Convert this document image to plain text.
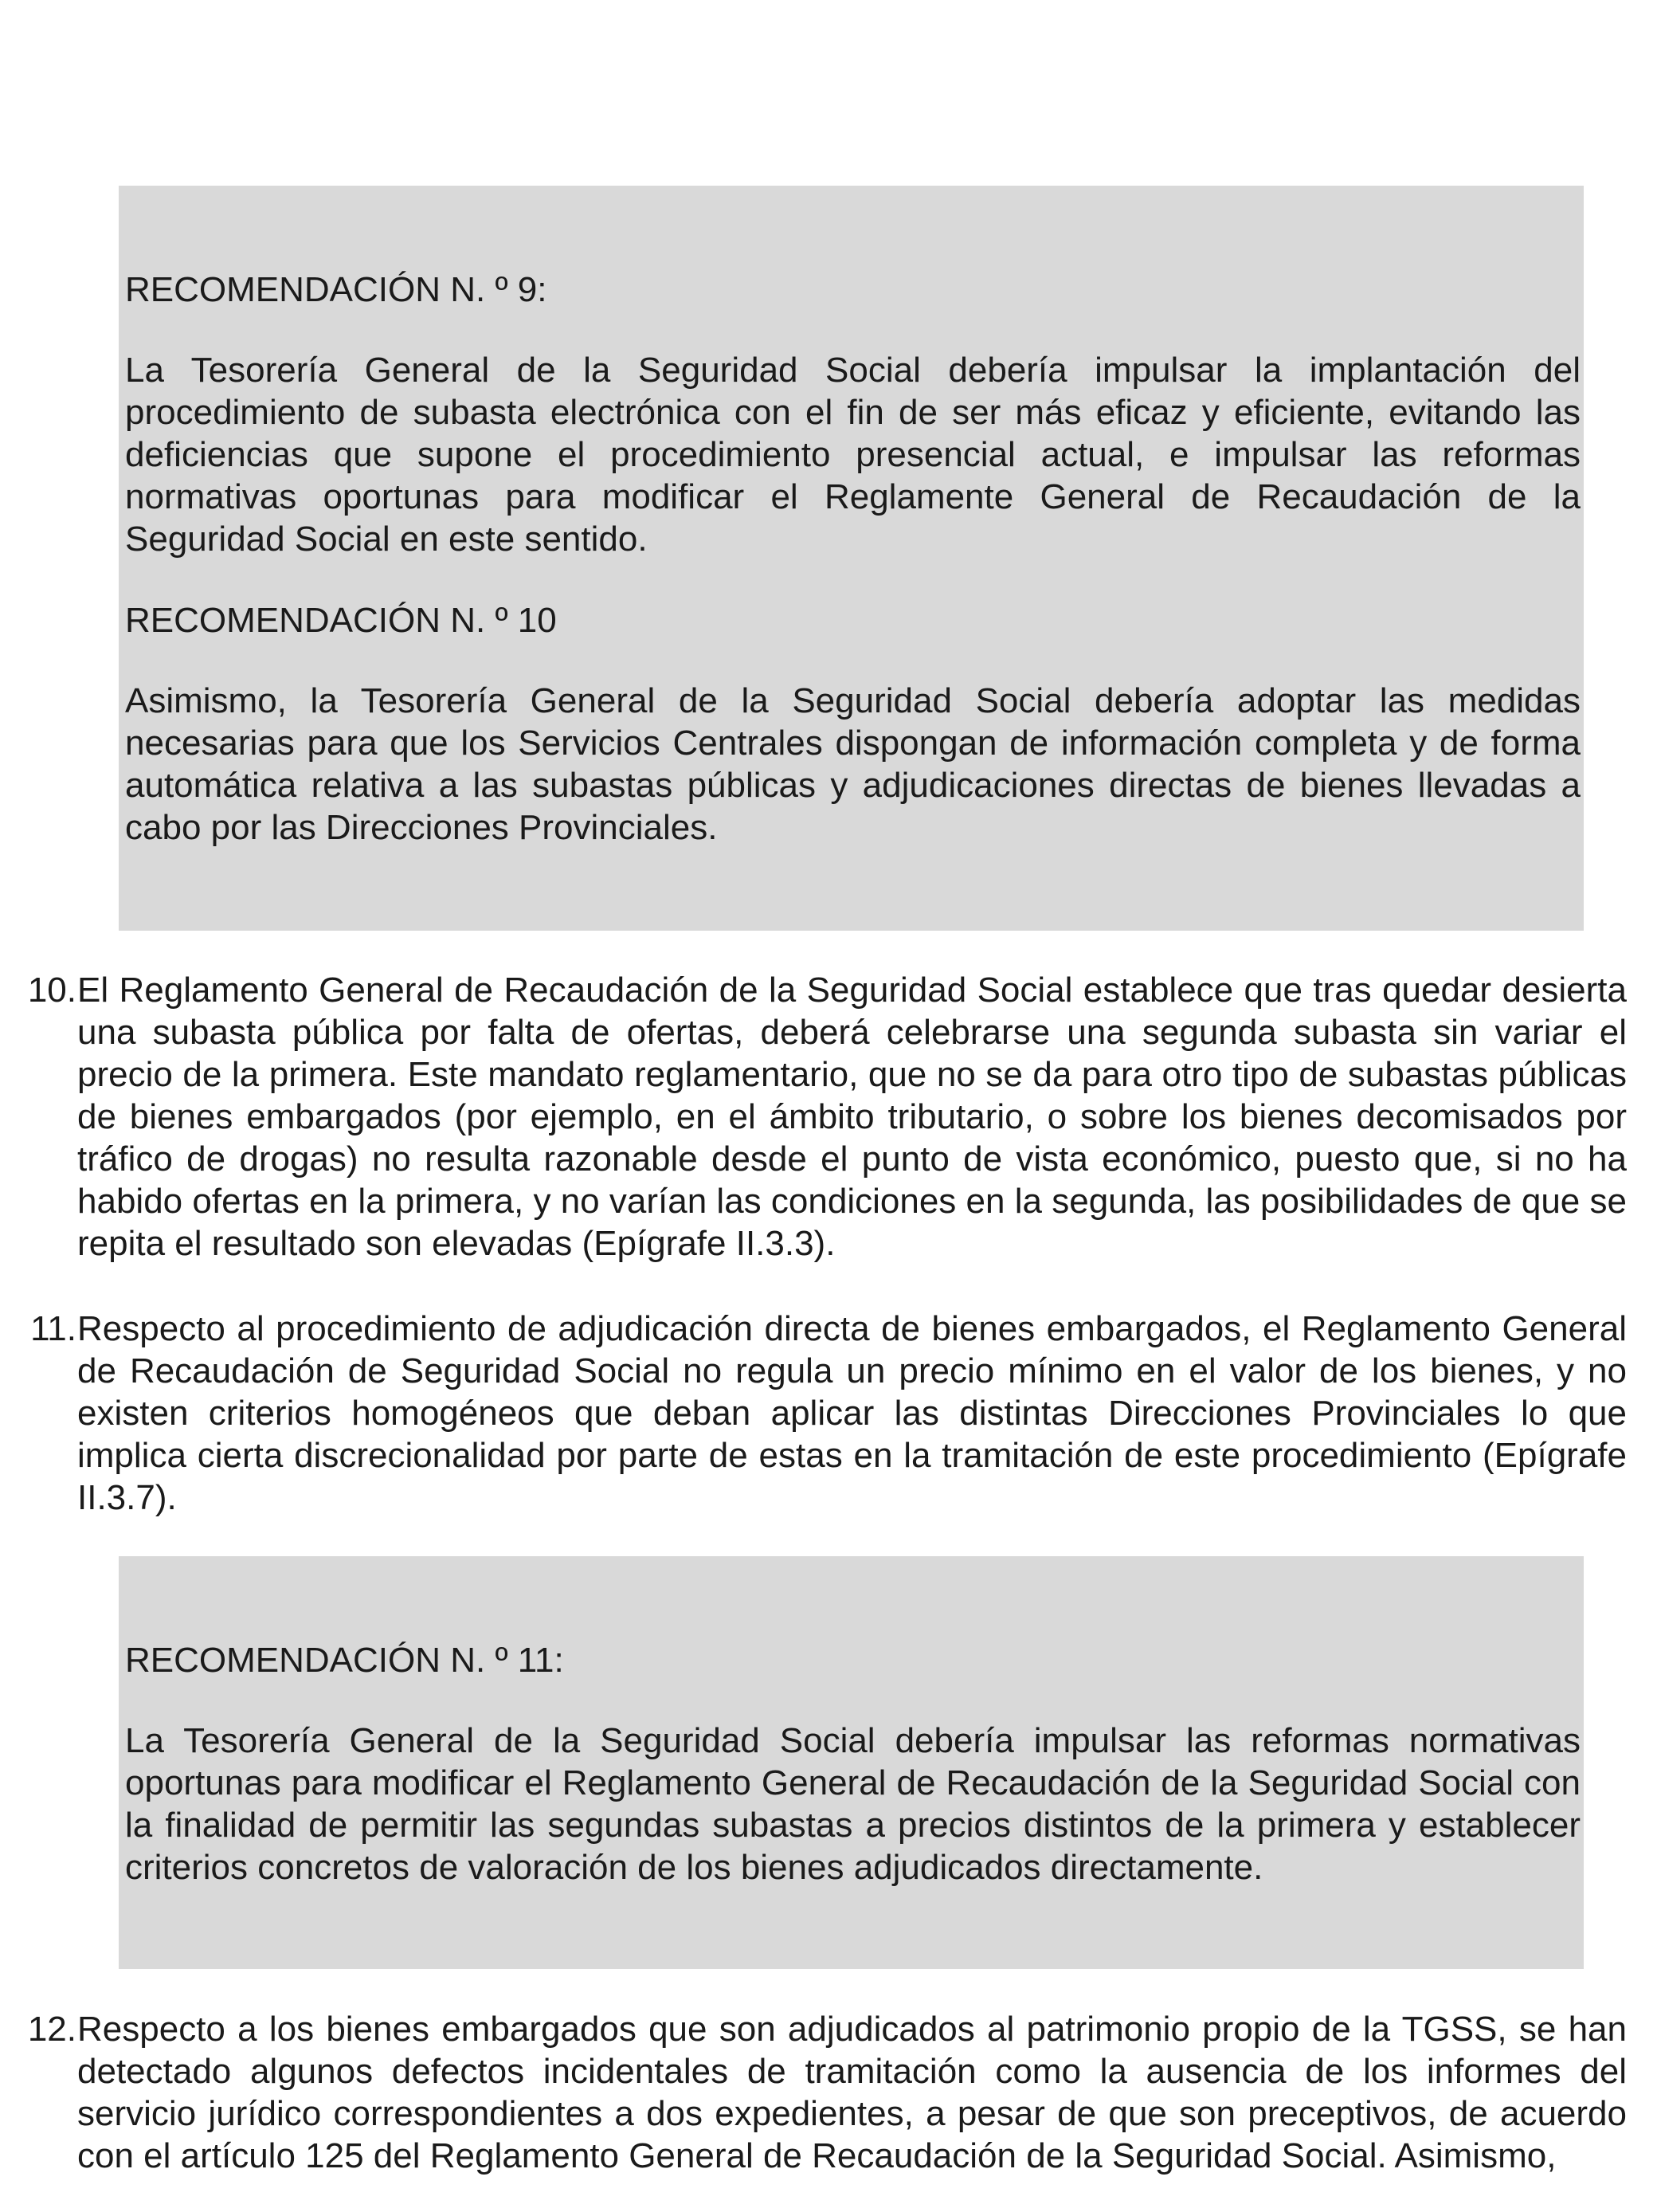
RECOMENDACIÓN N. º 9:
La Tesorería General de la Seguridad Social debería impulsar la implantación del procedimiento de subasta electrónica con el fin de ser más eficaz y eficiente, evitando las deficiencias que supone el procedimiento presencial actual, e impulsar las reformas normativas oportunas para modificar el Reglamente General de Recaudación de la Seguridad Social en este sentido.
RECOMENDACIÓN N. º 10
Asimismo, la Tesorería General de la Seguridad Social debería adoptar las medidas necesarias para que los Servicios Centrales dispongan de información completa y de forma automática relativa a las subastas públicas y adjudicaciones directas de bienes llevadas a cabo por las Direcciones Provinciales.
10. El Reglamento General de Recaudación de la Seguridad Social establece que tras quedar desierta una subasta pública por falta de ofertas, deberá celebrarse una segunda subasta sin variar el precio de la primera. Este mandato reglamentario, que no se da para otro tipo de subastas públicas de bienes embargados (por ejemplo, en el ámbito tributario, o sobre los bienes decomisados por tráfico de drogas) no resulta razonable desde el punto de vista económico, puesto que, si no ha habido ofertas en la primera, y no varían las condiciones en la segunda, las posibilidades de que se repita el resultado son elevadas (Epígrafe II.3.3).
11. Respecto al procedimiento de adjudicación directa de bienes embargados, el Reglamento General de Recaudación de Seguridad Social no regula un precio mínimo en el valor de los bienes, y no existen criterios homogéneos que deban aplicar las distintas Direcciones Provinciales lo que implica cierta discrecionalidad por parte de estas en la tramitación de este procedimiento (Epígrafe II.3.7).
RECOMENDACIÓN N. º 11:
La Tesorería General de la Seguridad Social debería impulsar las reformas normativas oportunas para modificar el Reglamento General de Recaudación de la Seguridad Social con la finalidad de permitir las segundas subastas a precios distintos de la primera y establecer criterios concretos de valoración de los bienes adjudicados directamente.
12. Respecto a los bienes embargados que son adjudicados al patrimonio propio de la TGSS, se han detectado algunos defectos incidentales de tramitación como la ausencia de los informes del servicio jurídico correspondientes a dos expedientes, a pesar de que son preceptivos, de acuerdo con el artículo 125 del Reglamento General de Recaudación de la Seguridad Social. Asimismo,
